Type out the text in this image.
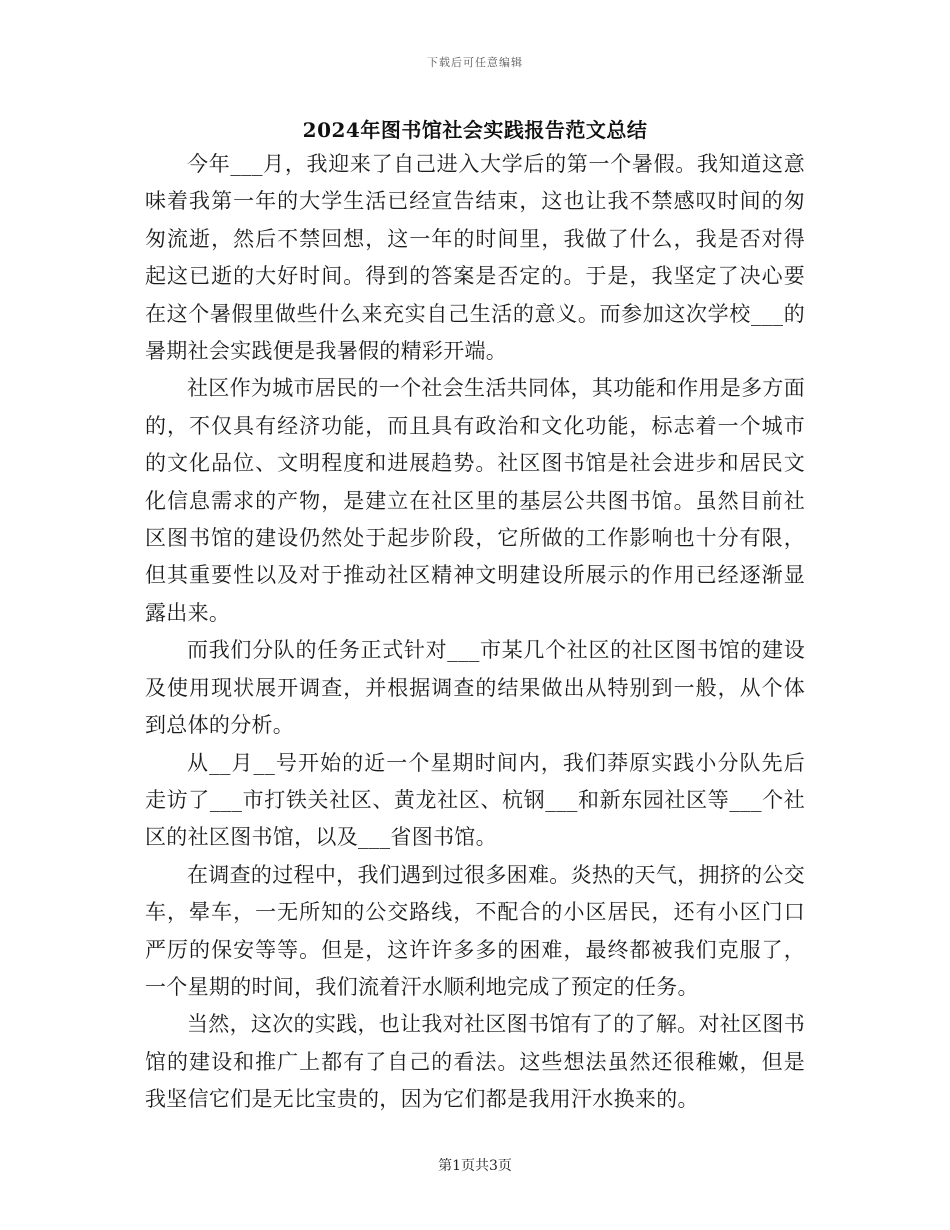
下载后可任意编辑
2024年图书馆社会实践报告范文总结

今年___月，我迎来了自己进入大学后的第一个暑假。我知道这意味着我第一年的大学生活已经宣告结束，这也让我不禁感叹时间的匆匆流逝，然后不禁回想，这一年的时间里，我做了什么，我是否对得起这已逝的大好时间。得到的答案是否定的。于是，我坚定了决心要在这个暑假里做些什么来充实自己生活的意义。而参加这次学校___的暑期社会实践便是我暑假的精彩开端。

社区作为城市居民的一个社会生活共同体，其功能和作用是多方面的，不仅具有经济功能，而且具有政治和文化功能，标志着一个城市的文化品位、文明程度和进展趋势。社区图书馆是社会进步和居民文化信息需求的产物，是建立在社区里的基层公共图书馆。虽然目前社区图书馆的建设仍然处于起步阶段，它所做的工作影响也十分有限，但其重要性以及对于推动社区精神文明建设所展示的作用已经逐渐显露出来。

而我们分队的任务正式针对___市某几个社区的社区图书馆的建设及使用现状展开调查，并根据调查的结果做出从特别到一般，从个体到总体的分析。

从__月__号开始的近一个星期时间内，我们莽原实践小分队先后走访了___市打铁关社区、黄龙社区、杭钢___和新东园社区等___个社区的社区图书馆，以及___省图书馆。

在调查的过程中，我们遇到过很多困难。炎热的天气，拥挤的公交车，晕车，一无所知的公交路线，不配合的小区居民，还有小区门口严厉的保安等等。但是，这许许多多的困难，最终都被我们克服了，一个星期的时间，我们流着汗水顺利地完成了预定的任务。

当然，这次的实践，也让我对社区图书馆有了的了解。对社区图书馆的建设和推广上都有了自己的看法。这些想法虽然还很稚嫩，但是我坚信它们是无比宝贵的，因为它们都是我用汗水换来的。

第1页共3页
